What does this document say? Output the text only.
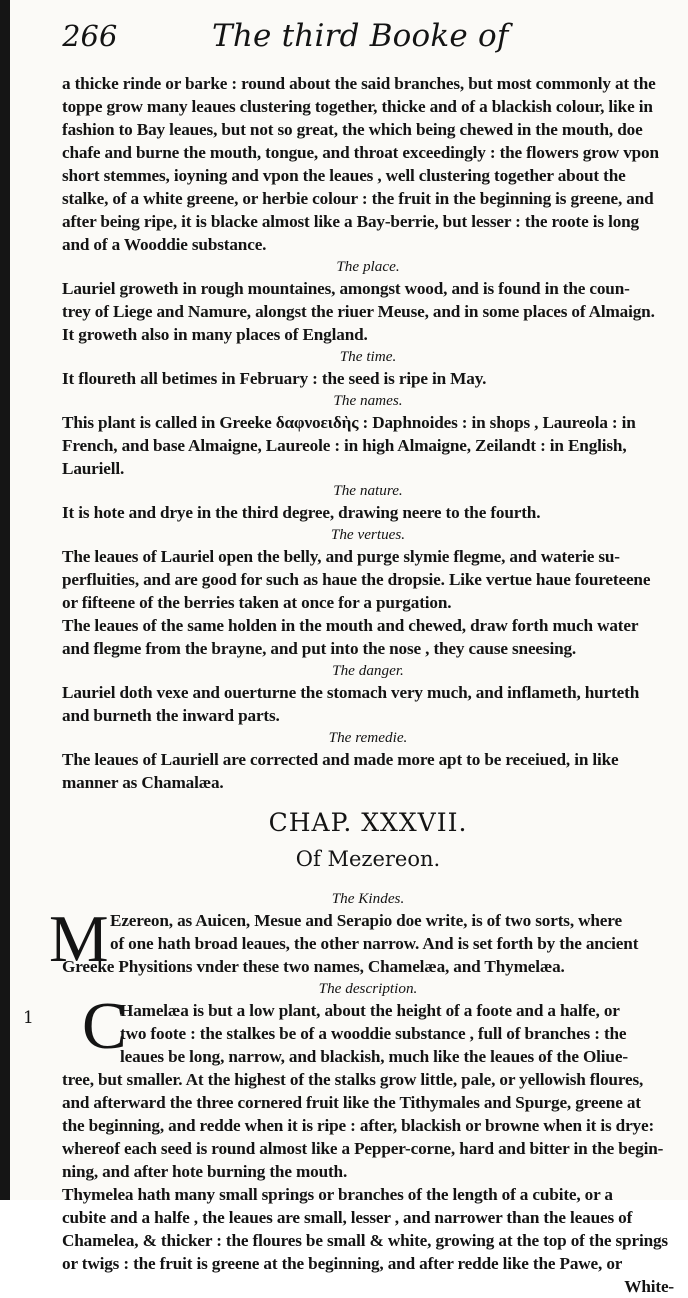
266	The third Booke of
a thicke rinde or barke : round about the said branches, but most commonly at the
toppe grow many leaues clustering together, thicke and of a blackish colour, like in
fashion to Bay leaues, but not so great, the which being chewed in the mouth, doe
chafe and burne the mouth, tongue, and throat exceedingly : the flowers grow vpon
short stemmes, ioyning and vpon the leaues , well clustering together about the
stalke, of a white greene, or herbie colour : the fruit in the beginning is greene, and
after being ripe, it is blacke almost like a Bay-berrie, but lesser : the roote is long
and of a Wooddie substance.
The place.
Lauriel groweth in rough mountaines, amongst wood, and is found in the coun-
trey of Liege and Namure, alongst the riuer Meuse, and in some places of Almaign.
It groweth also in many places of England.
The time.
It floureth all betimes in February : the seed is ripe in May.
The names.
This plant is called in Greeke δαφνοειδὴς : Daphnoides : in shops , Laureola : in
French, and base Almaigne, Laureole : in high Almaigne, Zeilandt : in English,
Lauriell.
The nature.
It is hote and drye in the third degree, drawing neere to the fourth.
The vertues.
The leaues of Lauriel open the belly, and purge slymie flegme, and waterie su-
perfluities, and are good for such as haue the dropsie. Like vertue haue foureteene
or fifteene of the berries taken at once for a purgation.
The leaues of the same holden in the mouth and chewed, draw forth much water
and flegme from the brayne, and put into the nose , they cause sneesing.
The danger.
Lauriel doth vexe and ouerturne the stomach very much, and inflameth, hurteth
and burneth the inward parts.
The remedie.
The leaues of Lauriell are corrected and made more apt to be receiued, in like
manner as Chamalæa.
CHAP. XXXVII.
Of Mezereon.
The Kindes.
M Ezereon, as Auicen, Mesue and Serapio doe write, is of two sorts, where
of one hath broad leaues, the other narrow. And is set forth by the ancient
Greeke Physitions vnder these two names, Chamelæa, and Thymelæa.
The description.
1 C
Hamelæa is but a low plant, about the height of a foote and a halfe, or
two foote : the stalkes be of a wooddie substance , full of branches : the
leaues be long, narrow, and blackish, much like the leaues of the Oliue-
tree, but smaller. At the highest of the stalks grow little, pale, or yellowish floures,
and afterward the three cornered fruit like the Tithymales and Spurge, greene at
the beginning, and redde when it is ripe : after, blackish or browne when it is drye:
whereof each seed is round almost like a Pepper-corne, hard and bitter in the begin-
ning, and after hote burning the mouth.
Thymelea hath many small springs or branches of the length of a cubite, or a
cubite and a halfe , the leaues are small, lesser , and narrower than the leaues of
Chamelea, & thicker : the floures be small & white, growing at the top of the springs
or twigs : the fruit is greene at the beginning, and after redde like the Pawe, or
White-
